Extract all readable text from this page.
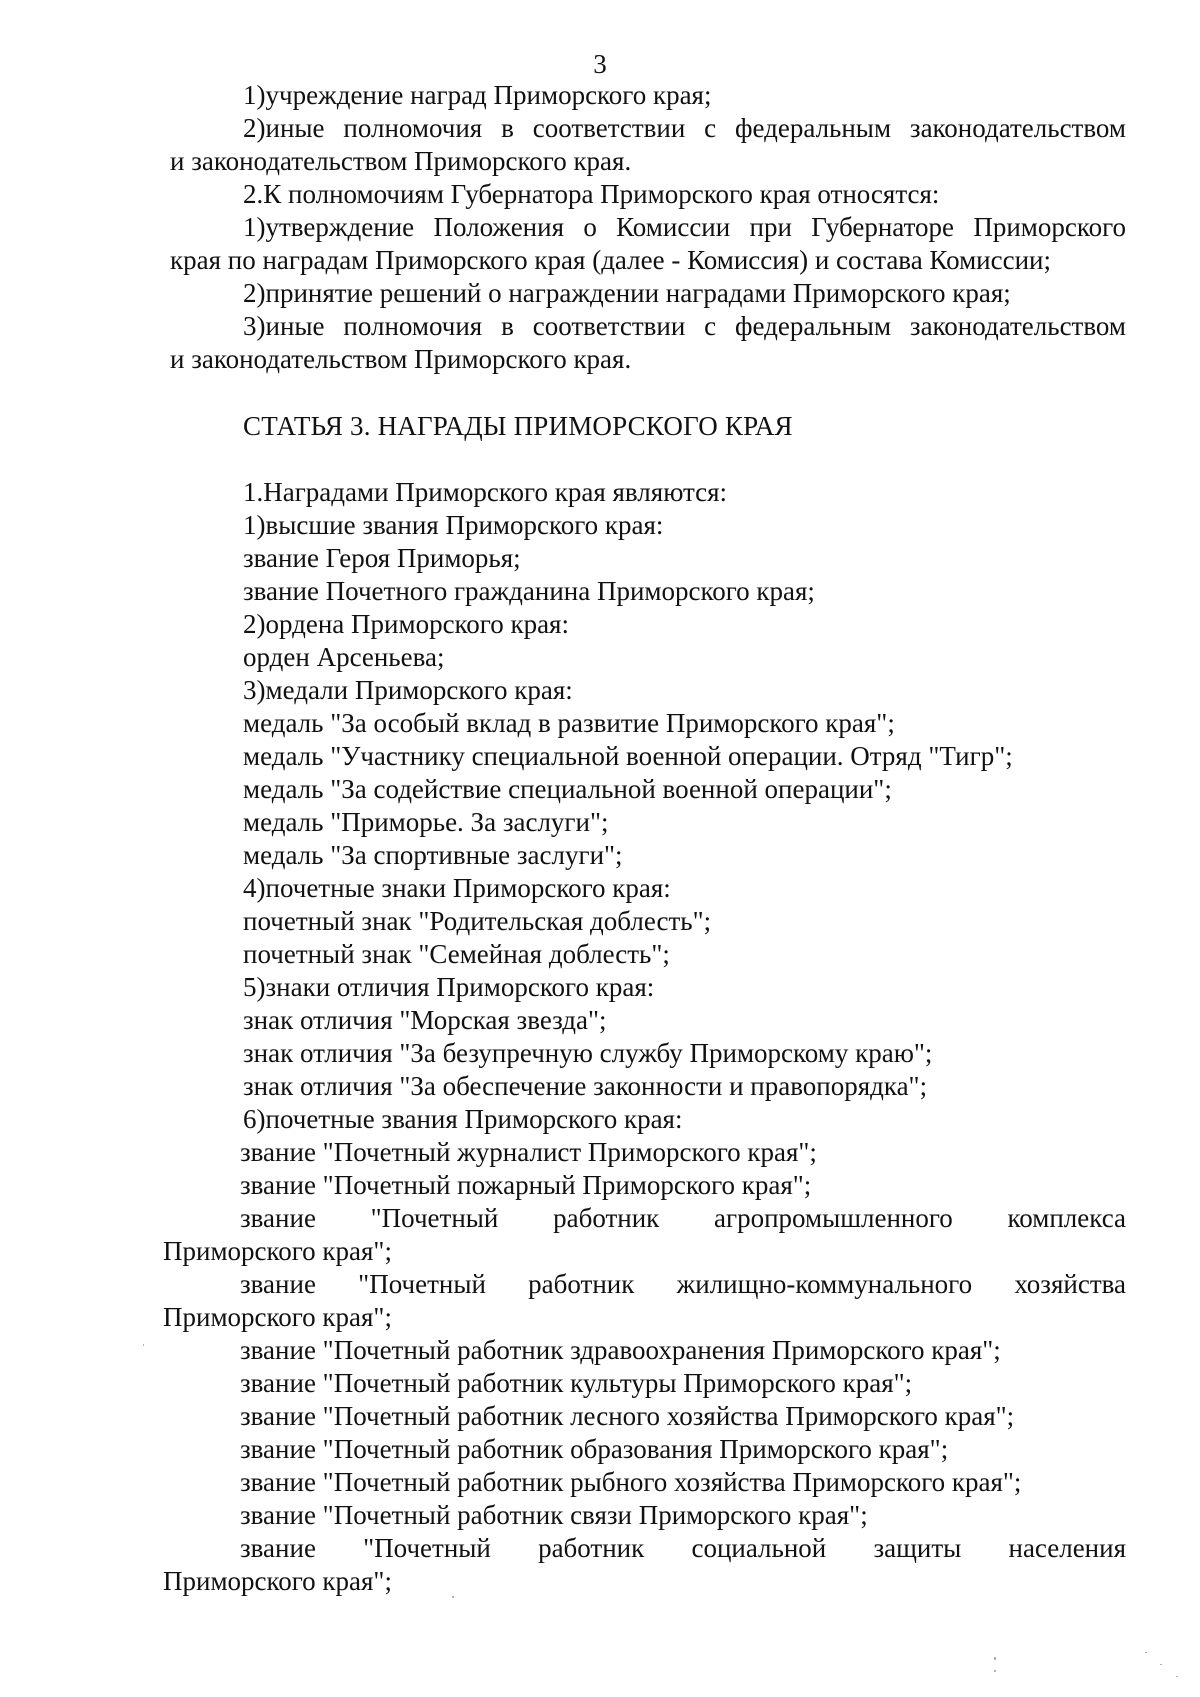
3
1)учреждение наград Приморского края;
2)иные полномочия в соответствии с федеральным законодательством
и законодательством Приморского края.
2.К полномочиям Губернатора Приморского края относятся:
1)утверждение Положения о Комиссии при Губернаторе Приморского
края по наградам Приморского края (далее - Комиссия) и состава Комиссии;
2)принятие решений о награждении наградами Приморского края;
3)иные полномочия в соответствии с федеральным законодательством
и законодательством Приморского края.
СТАТЬЯ 3. НАГРАДЫ ПРИМОРСКОГО КРАЯ
1.Наградами Приморского края являются:
1)высшие звания Приморского края:
звание Героя Приморья;
звание Почетного гражданина Приморского края;
2)ордена Приморского края:
орден Арсеньева;
3)медали Приморского края:
медаль "За особый вклад в развитие Приморского края";
медаль "Участнику специальной военной операции. Отряд "Тигр";
медаль "За содействие специальной военной операции";
медаль "Приморье. За заслуги";
медаль "За спортивные заслуги";
4)почетные знаки Приморского края:
почетный знак "Родительская доблесть";
почетный знак "Семейная доблесть";
5)знаки отличия Приморского края:
знак отличия "Морская звезда";
знак отличия "За безупречную службу Приморскому краю";
знак отличия "За обеспечение законности и правопорядка";
6)почетные звания Приморского края:
звание "Почетный журналист Приморского края";
звание "Почетный пожарный Приморского края";
звание "Почетный работник агропромышленного комплекса
Приморского края";
звание "Почетный работник жилищно-коммунального хозяйства
Приморского края";
звание "Почетный работник здравоохранения Приморского края";
звание "Почетный работник культуры Приморского края";
звание "Почетный работник лесного хозяйства Приморского края";
звание "Почетный работник образования Приморского края";
звание "Почетный работник рыбного хозяйства Приморского края";
звание "Почетный работник связи Приморского края";
звание "Почетный работник социальной защиты населения
Приморского края";
